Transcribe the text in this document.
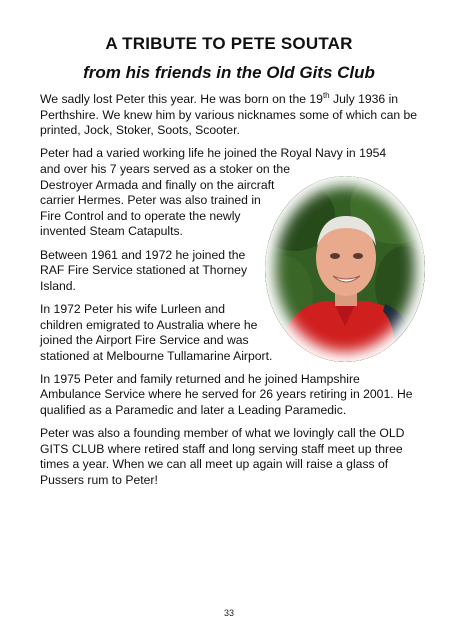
A TRIBUTE TO PETE SOUTAR
from his friends in the Old Gits Club

We sadly lost Peter this year. He was born on the 19th July 1936 in Perthshire. We knew him by various nicknames some of which can be printed, Jock, Stoker, Soots, Scooter.

Peter had a varied working life he joined the Royal Navy in 1954

and over his 7 years served as a stoker on the Destroyer Armada and finally on the aircraft carrier Hermes. Peter was also trained in Fire Control and to operate the newly invented Steam Catapults.

Between 1961 and 1972 he joined the RAF Fire Service stationed at Thorney Island.

In 1972 Peter his wife Lurleen and children emigrated to Australia where he joined the Airport Fire Service and was stationed at Melbourne Tullamarine Airport.

In 1975 Peter and family returned and he joined Hampshire Ambulance Service where he served for 26 years retiring in 2001. He qualified as a Paramedic and later a Leading Paramedic.

Peter was also a founding member of what we lovingly call the OLD GITS CLUB where retired staff and long serving staff meet up three times a year. When we can all meet up again will raise a glass of Pussers rum to Peter!

33
